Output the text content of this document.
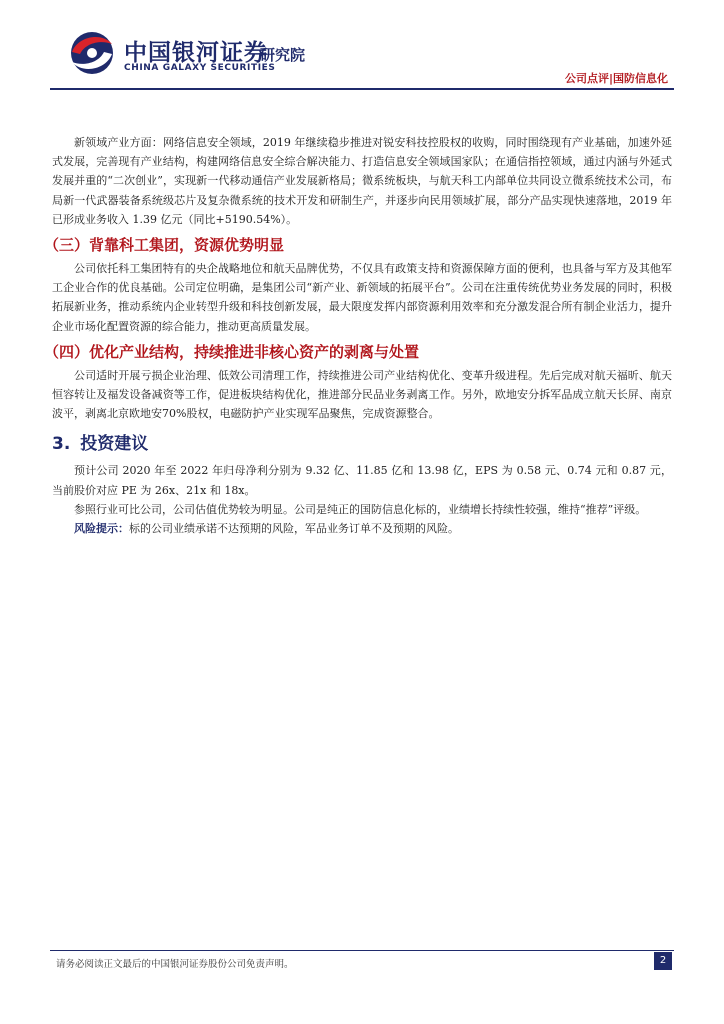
中国银河证券
CHINA GALAXY SECURITIES
研究院
公司点评|国防信息化

新领域产业方面：网络信息安全领域，2019 年继续稳步推进对锐安科技控股权的收购，同时围绕现有产业基础，加速外延式发展，完善现有产业结构，构建网络信息安全综合解决能力、打造信息安全领域国家队；在通信指控领域，通过内涵与外延式发展并重的“二次创业”，实现新一代移动通信产业发展新格局；微系统板块，与航天科工内部单位共同设立微系统技术公司，布局新一代武器装备系统级芯片及复杂微系统的技术开发和研制生产，并逐步向民用领域扩展，部分产品实现快速落地，2019 年已形成业务收入 1.39 亿元（同比+5190.54%）。

（三）背靠科工集团，资源优势明显

公司依托科工集团特有的央企战略地位和航天品牌优势，不仅具有政策支持和资源保障方面的便利，也具备与军方及其他军工企业合作的优良基础。公司定位明确，是集团公司“新产业、新领域的拓展平台”。公司在注重传统优势业务发展的同时，积极拓展新业务，推动系统内企业转型升级和科技创新发展，最大限度发挥内部资源利用效率和充分激发混合所有制企业活力，提升企业市场化配置资源的综合能力，推动更高质量发展。

（四）优化产业结构，持续推进非核心资产的剥离与处置

公司适时开展亏损企业治理、低效公司清理工作，持续推进公司产业结构优化、变革升级进程。先后完成对航天福昕、航天恒容转让及福发设备减资等工作，促进板块结构优化，推进部分民品业务剥离工作。另外，欧地安分拆军品成立航天长屏、南京波平，剥离北京欧地安70%股权，电磁防护产业实现军品聚焦，完成资源整合。

3. 投资建议

预计公司 2020 年至 2022 年归母净利分别为 9.32 亿、11.85 亿和 13.98 亿，EPS 为 0.58 元、0.74 元和 0.87 元，当前股价对应 PE 为 26x、21x 和 18x。

参照行业可比公司，公司估值优势较为明显。公司是纯正的国防信息化标的，业绩增长持续性较强，维持“推荐”评级。

风险提示：标的公司业绩承诺不达预期的风险，军品业务订单不及预期的风险。

请务必阅读正文最后的中国银河证券股份公司免责声明。	2
